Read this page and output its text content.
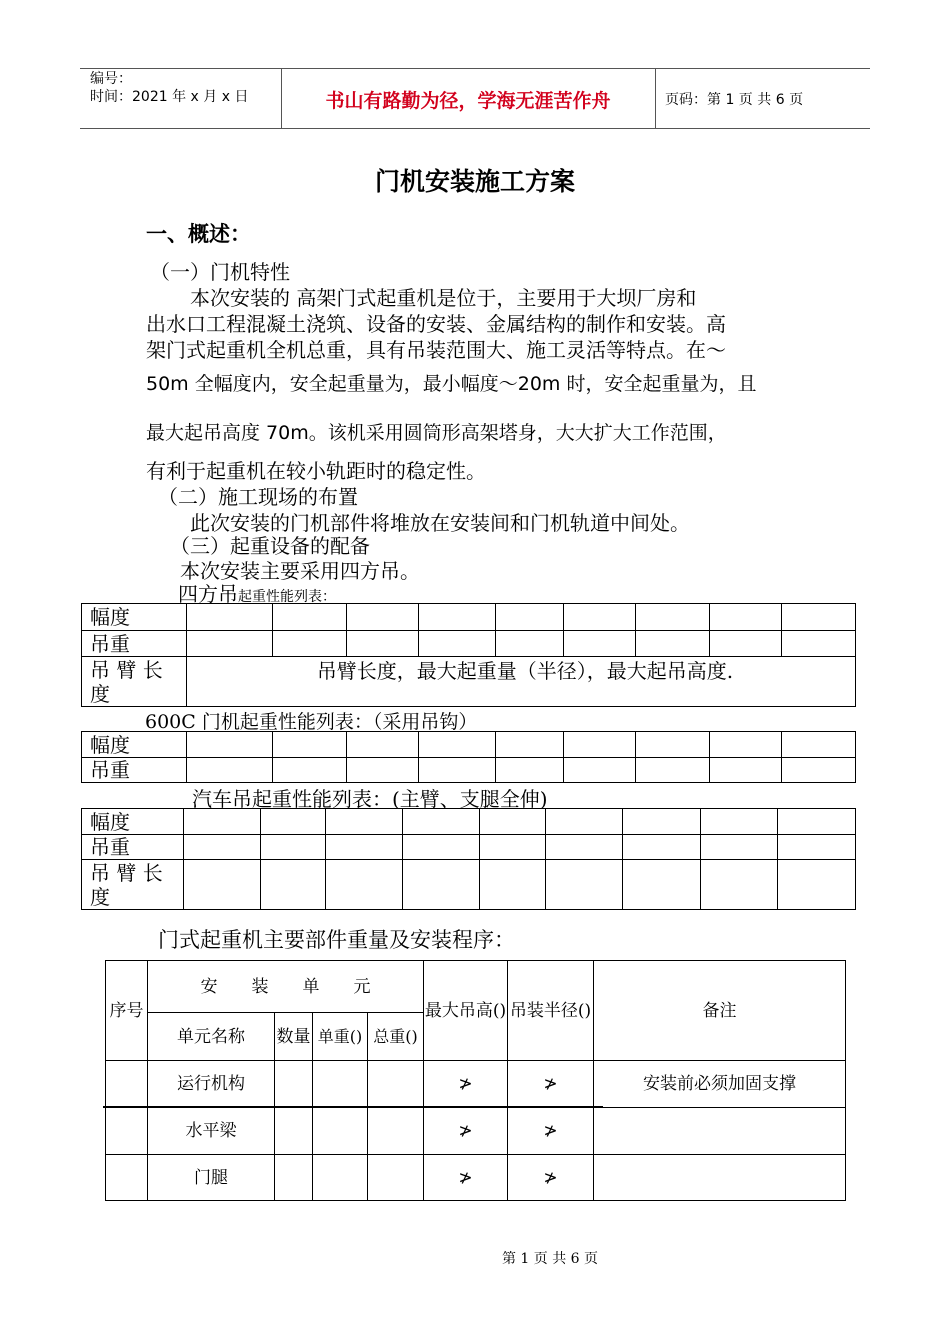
编号：
时间：2021 年 x 月 x 日	书山有路勤为径，学海无涯苦作舟	页码：第 1 页 共 6 页
门机安装施工方案
一、概述：
（一）门机特性
本次安装的 高架门式起重机是位于，主要用于大坝厂房和
出水口工程混凝土浇筑、设备的安装、金属结构的制作和安装。高
架门式起重机全机总重，具有吊装范围大、施工灵活等特点。在～
50m 全幅度内，安全起重量为，最小幅度～20m 时，安全起重量为，且
最大起吊高度 70m。该机采用圆筒形高架塔身，大大扩大工作范围，
有利于起重机在较小轨距时的稳定性。
（二）施工现场的布置
此次安装的门机部件将堆放在安装间和门机轨道中间处。
（三）起重设备的配备
本次安装主要采用四方吊。
四方吊起重性能列表：
幅度									
吊重									
吊 臂 长 度	吊臂长度，最大起重量（半径），最大起吊高度.								
600C 门机起重性能列表：（采用吊钩）
幅度									
吊重									
汽车吊起重性能列表：(主臂、支腿全伸)
幅度									
吊重									
吊 臂 长 度									
门式起重机主要部件重量及安装程序：
序号	安　　装　　单　　元				最大吊高()	吊装半径()	备注
	单元名称	数量	单重()	总重()			
	运行机构				≯	≯	安装前必须加固支撑
	水平梁				≯	≯	
	门腿				≯	≯	
第 1 页 共 6 页
